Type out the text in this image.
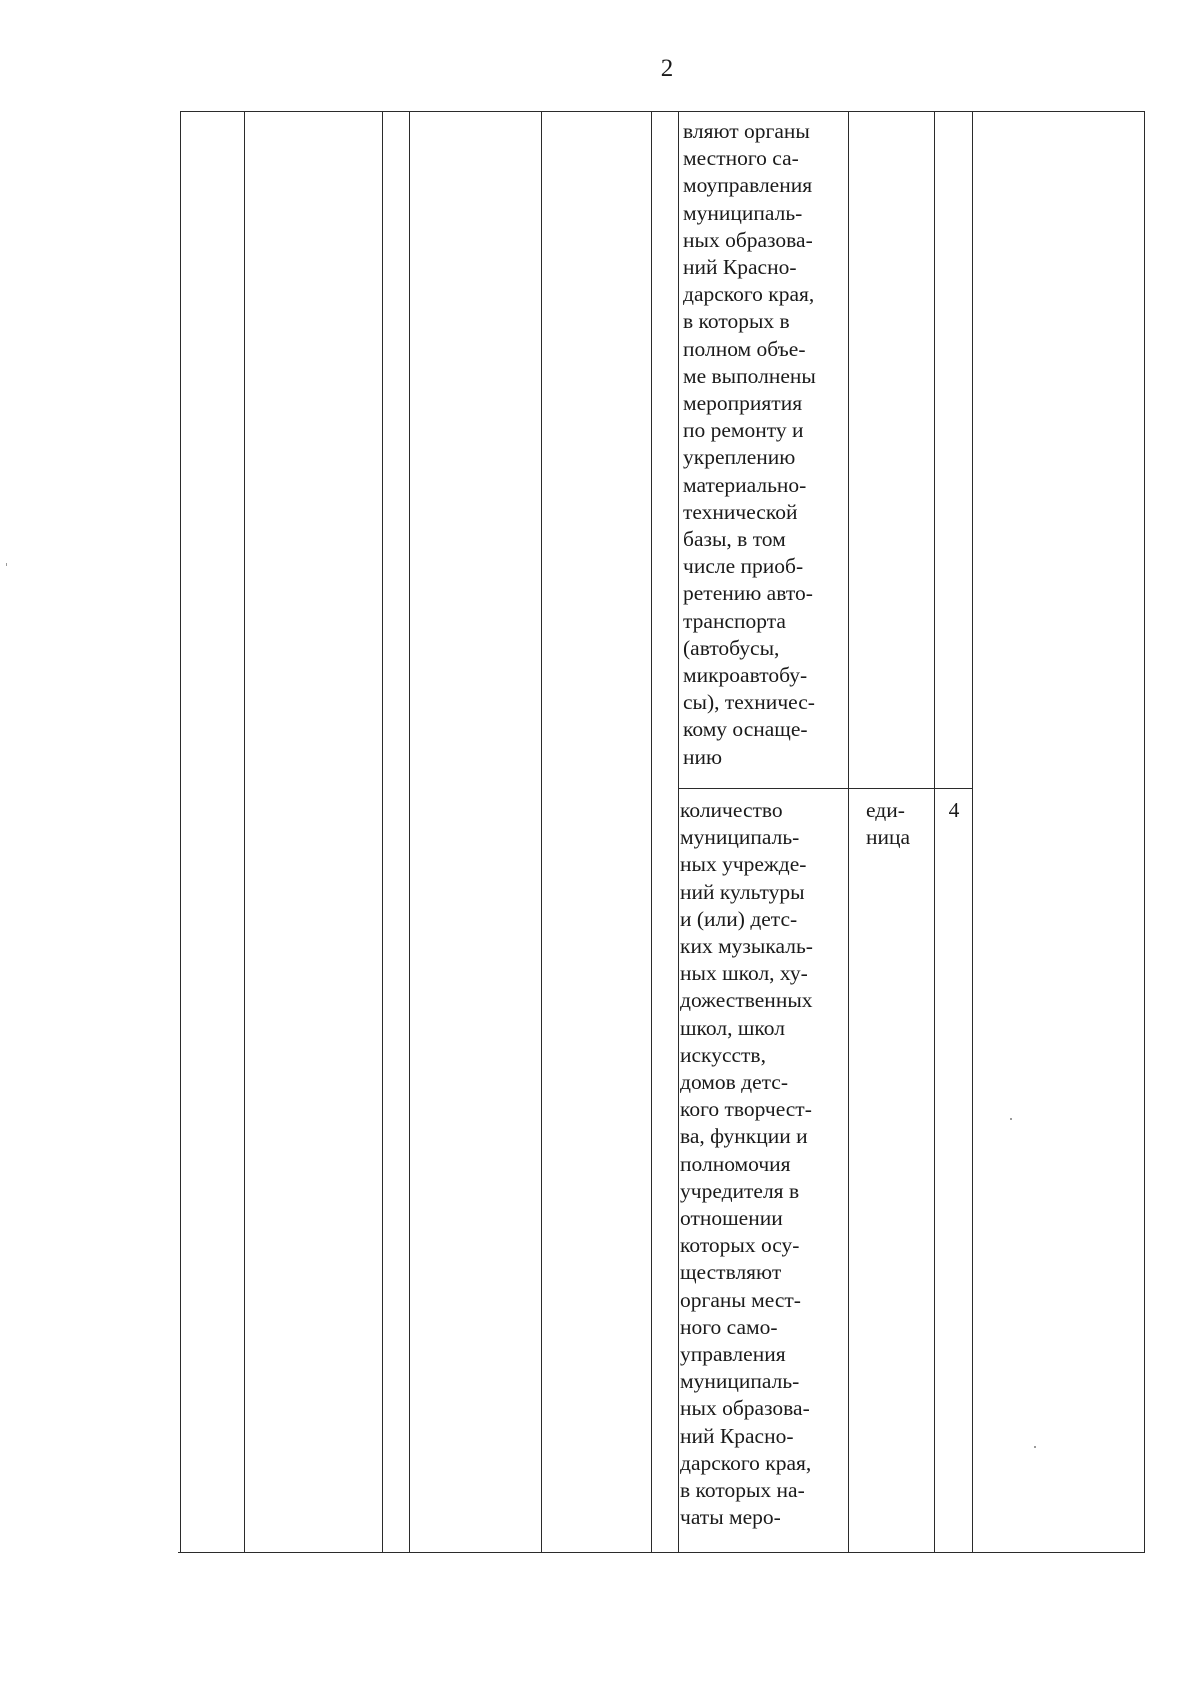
2
вляют органы
местного са-
моуправления
муниципаль-
ных образова-
ний Красно-
дарского края,
в которых в
полном объе-
ме выполнены
мероприятия
по ремонту и
укреплению
материально-
технической
базы, в том
числе приоб-
ретению авто-
транспорта
(автобусы,
микроавтобу-
сы), техничес-
кому оснаще-
нию
количество
муниципаль-
ных учрежде-
ний культуры
и (или) детс-
ких музыкаль-
ных школ, ху-
дожественных
школ, школ
искусств,
домов детс-
кого творчест-
ва, функции и
полномочия
учредителя в
отношении
которых осу-
ществляют
органы мест-
ного само-
управления
муниципаль-
ных образова-
ний Красно-
дарского края,
в которых на-
чаты меро-
еди-
ница
4
